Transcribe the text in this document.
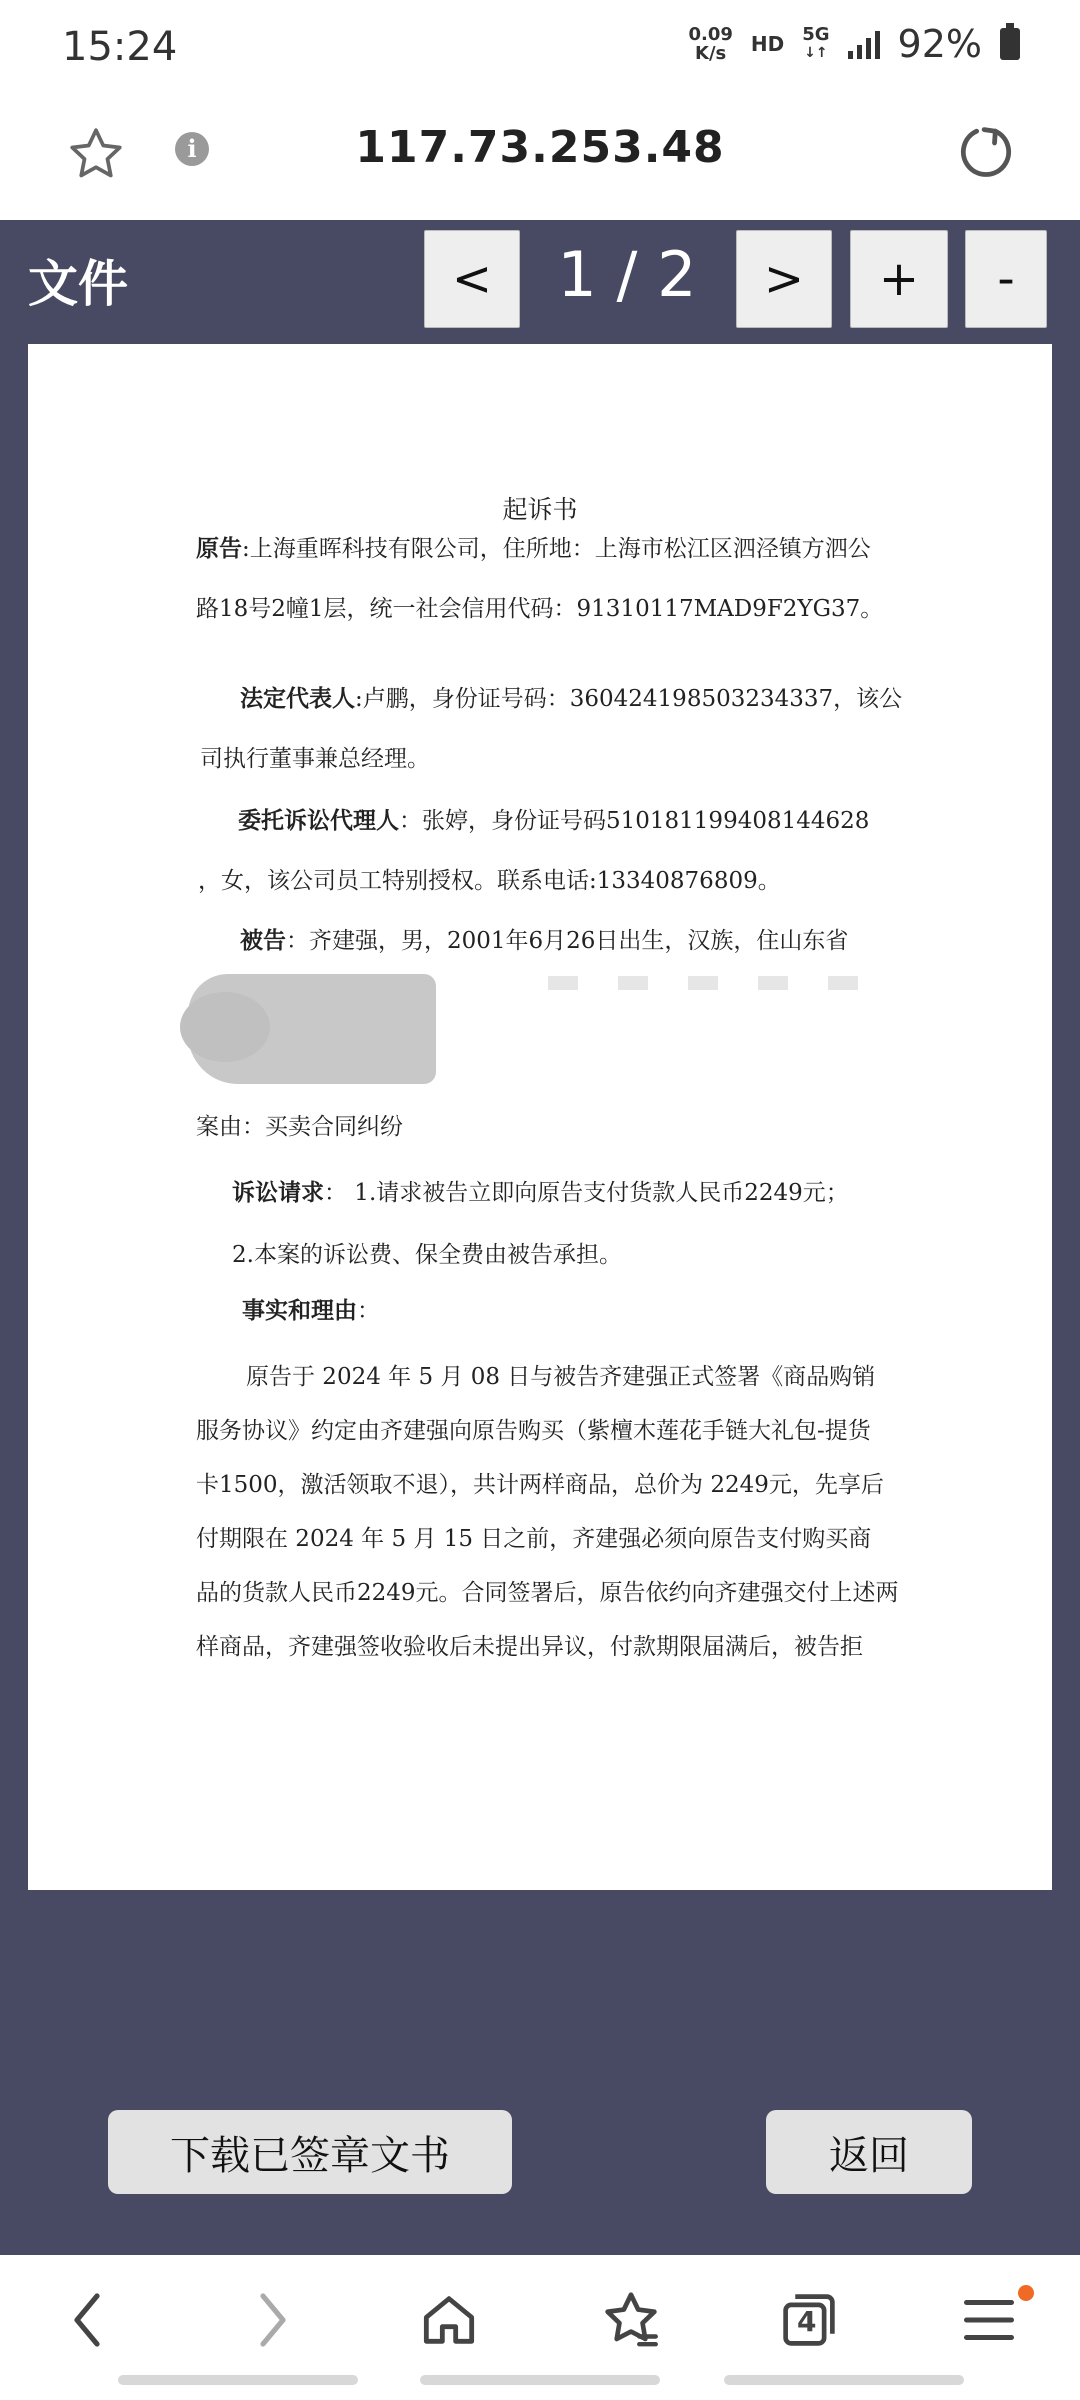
15:24	0.09
K/s	HD 5G
↓↑ 92%
i	117.73.253.48
文件	<	1 / 2	>	+	-
起诉书
原告:上海重晖科技有限公司，住所地：上海市松江区泗泾镇方泗公
路18号2幢1层，统一社会信用代码：91310117MAD9F2YG37。
法定代表人:卢鹏，身份证号码：360424198503234337，该公
司执行董事兼总经理。
委托诉讼代理人：张婷，身份证号码510181199408144628
，女，该公司员工特别授权。联系电话:13340876809。
被告：齐建强，男，2001年6月26日出生，汉族，住山东省
案由：买卖合同纠纷
诉讼请求： 1.请求被告立即向原告支付货款人民币2249元；
2.本案的诉讼费、保全费由被告承担。
事实和理由：
原告于 2024 年 5 月 08 日与被告齐建强正式签署《商品购销
服务协议》约定由齐建强向原告购买（紫檀木莲花手链大礼包-提货
卡1500，激活领取不退），共计两样商品，总价为 2249元，先享后
付期限在 2024 年 5 月 15 日之前，齐建强必须向原告支付购买商
品的货款人民币2249元。合同签署后，原告依约向齐建强交付上述两
样商品，齐建强签收验收后未提出异议，付款期限届满后，被告拒
下载已签章文书	返回
4
